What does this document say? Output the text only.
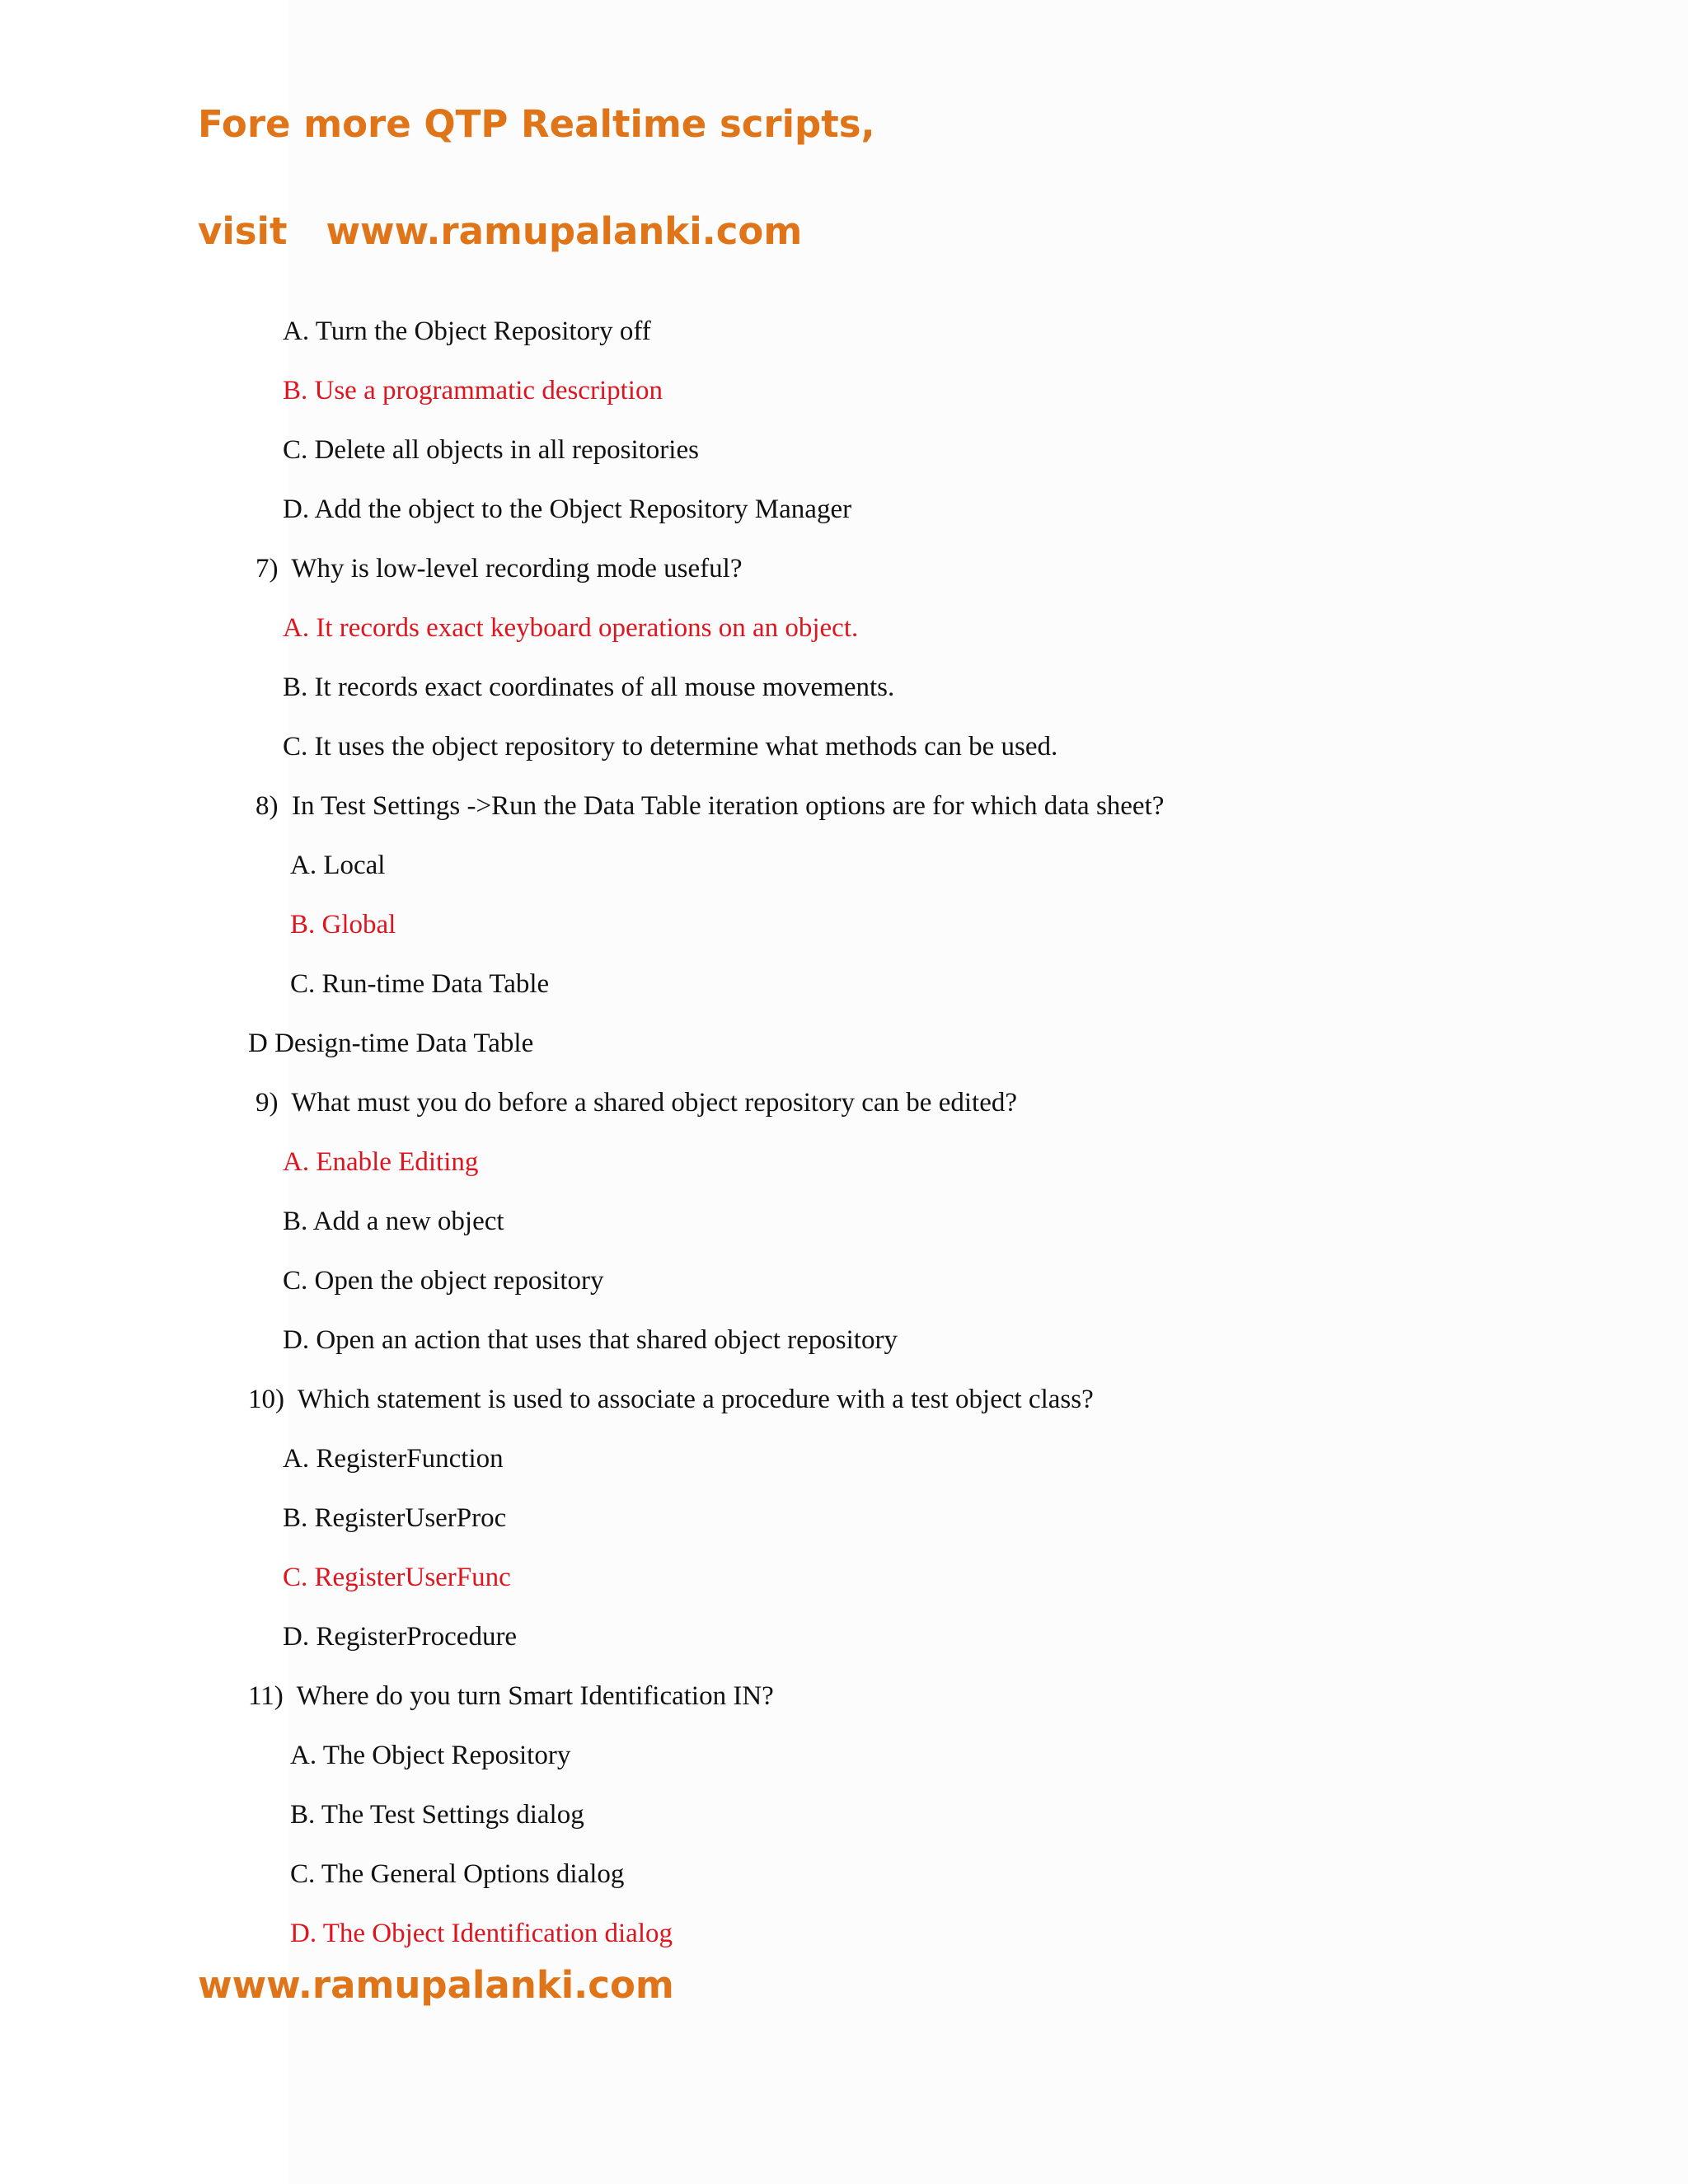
Fore more QTP Realtime scripts,

visit   www.ramupalanki.com

A. Turn the Object Repository off
B. Use a programmatic description
C. Delete all objects in all repositories
D. Add the object to the Object Repository Manager
7)  Why is low-level recording mode useful?
A. It records exact keyboard operations on an object.
B. It records exact coordinates of all mouse movements.
C. It uses the object repository to determine what methods can be used.
8)  In Test Settings ->Run the Data Table iteration options are for which data sheet?
A. Local
B. Global
C. Run-time Data Table
D Design-time Data Table
9)  What must you do before a shared object repository can be edited?
A. Enable Editing
B. Add a new object
C. Open the object repository
D. Open an action that uses that shared object repository
10)  Which statement is used to associate a procedure with a test object class?
A. RegisterFunction
B. RegisterUserProc
C. RegisterUserFunc
D. RegisterProcedure
11)  Where do you turn Smart Identification IN?
A. The Object Repository
B. The Test Settings dialog
C. The General Options dialog
D. The Object Identification dialog

www.ramupalanki.com
